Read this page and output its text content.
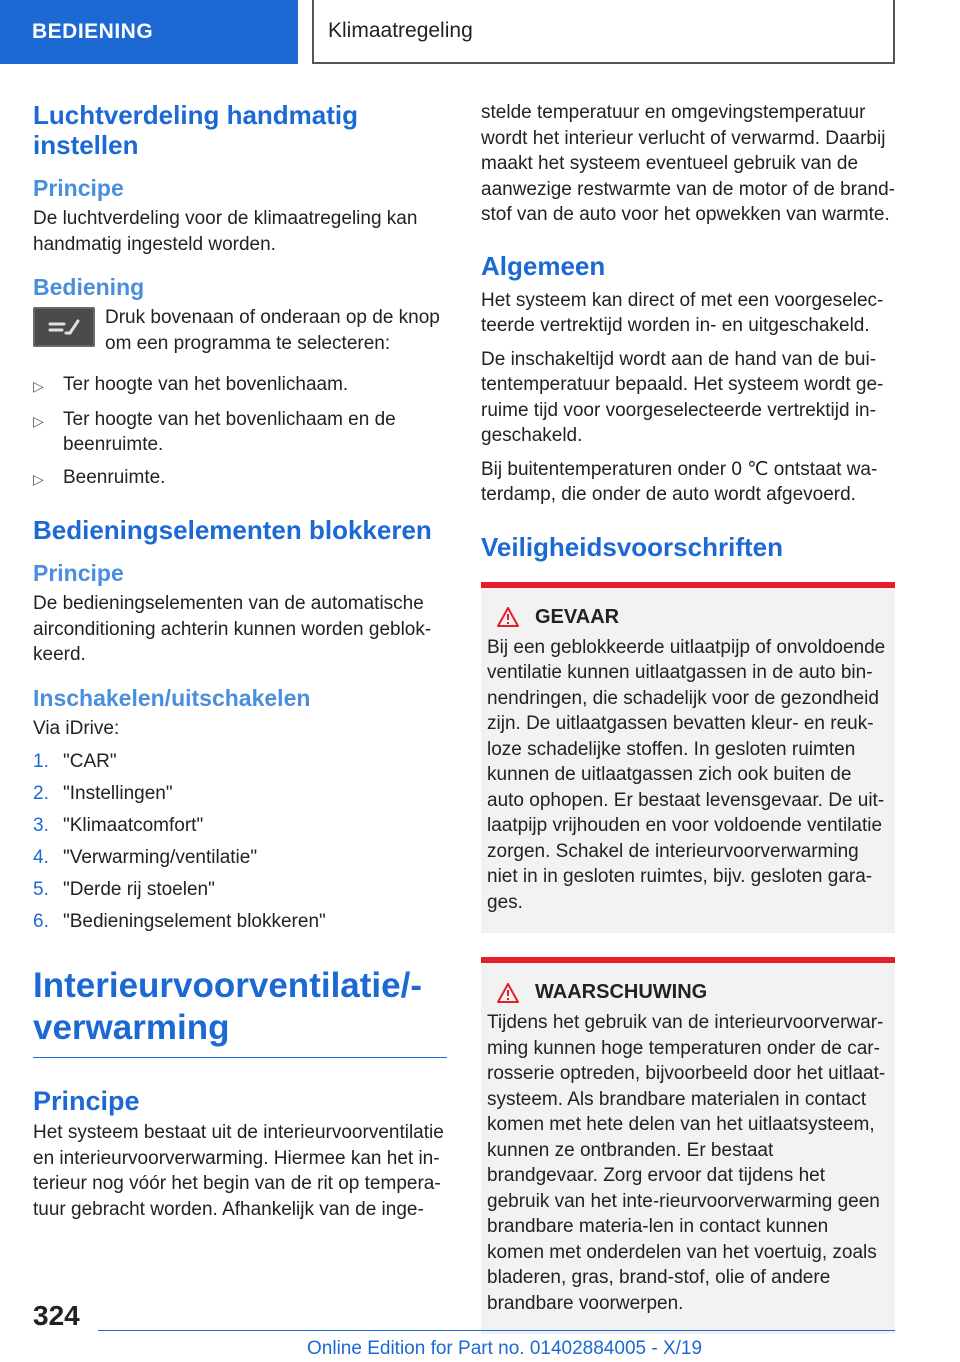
BEDIENING	Klimaatregeling
Luchtverdeling handmatig instellen
Principe

De luchtverdeling voor de klimaatregeling kan handmatig ingesteld worden.

Bediening

Druk bovenaan of onderaan op de knop om een programma te selecteren:

▷	Ter hoogte van het bovenlichaam.
▷	Ter hoogte van het bovenlichaam en de beenruimte.
▷	Beenruimte.
Bedieningselementen blokkeren
Principe

De bedieningselementen van de automatische airconditioning achterin kunnen worden geblok-keerd.

Inschakelen/uitschakelen

Via iDrive:

1. "CAR"
2. "Instellingen"
3. "Klimaatcomfort"
4. "Verwarming/ventilatie"
5. "Derde rij stoelen"
6. "Bedieningselement blokkeren"
Interieurvoorventilatie/-verwarming
Principe

Het systeem bestaat uit de interieurvoorventilatie en interieurvoorverwarming. Hiermee kan het in-terieur nog vóór het begin van de rit op tempera-tuur gebracht worden. Afhankelijk van de inge-

stelde temperatuur en omgevingstemperatuur wordt het interieur verlucht of verwarmd. Daarbij maakt het systeem eventueel gebruik van de aanwezige restwarmte van de motor of de brand-stof van de auto voor het opwekken van warmte.

Algemeen

Het systeem kan direct of met een voorgeselec-teerde vertrektijd worden in- en uitgeschakeld.

De inschakeltijd wordt aan de hand van de bui-tentemperatuur bepaald. Het systeem wordt ge-ruime tijd voor voorgeselecteerde vertrektijd in-geschakeld.

Bij buitentemperaturen onder 0 ℃ ontstaat wa-terdamp, die onder de auto wordt afgevoerd.

Veiligheidsvoorschriften
GEVAAR

Bij een geblokkeerde uitlaatpijp of onvoldoende ventilatie kunnen uitlaatgassen in de auto bin-nendringen, die schadelijk voor de gezondheid zijn. De uitlaatgassen bevatten kleur- en reuk-loze schadelijke stoffen. In gesloten ruimten kunnen de uitlaatgassen zich ook buiten de auto ophopen. Er bestaat levensgevaar. De uit-laatpijp vrijhouden en voor voldoende ventilatie zorgen. Schakel de interieurvoorverwarming niet in in gesloten ruimtes, bijv. gesloten gara-ges.

WAARSCHUWING

Tijdens het gebruik van de interieurvoorverwar-ming kunnen hoge temperaturen onder de car-rosserie optreden, bijvoorbeeld door het uitlaat-systeem. Als brandbare materialen in contact komen met hete delen van het uitlaatsysteem, kunnen ze ontbranden. Er bestaat brandgevaar. Zorg ervoor dat tijdens het gebruik van het inte-rieurvoorverwarming geen brandbare materia-len in contact kunnen komen met onderdelen van het voertuig, zoals bladeren, gras, brand-stof, olie of andere brandbare voorwerpen.

324
Online Edition for Part no. 01402884005 - X/19
